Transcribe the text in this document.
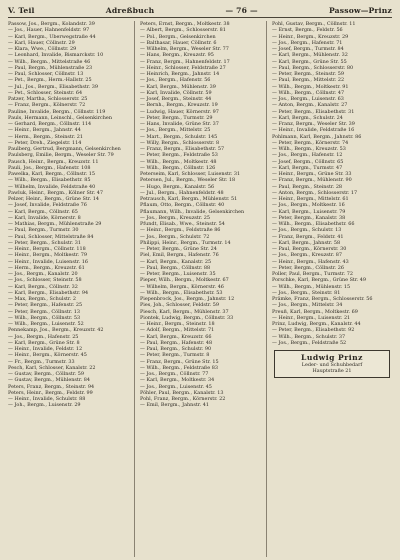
V. Teil	Adreßbuch	— 76 —	Passow—Prinz

Passow, Jos., Bergm., Kolandstr. 39

— Jos., Hauer, Hahnenfeldstr. 97

— Karl, Bergm., Überwegstraße 44

— Karl, Hauer, Cöllnstr. 29

— Klara, Wwe., Cöllnstr. 29

— Leonhard, Invalide, Bismarckstr. 10

— Wilh., Bergm., Mittelstraße 46

— Paul, Bergm., Mühlenstraße 23

— Paul, Schlosser, Cöllnstr. 13

— Pet., Bergm., Herm.-Hallstr. 25

— Jul., Jos., Bergm., Elisabethstr. 39

— Pet., Schlosser, Steinstr. 64

Patzer, Martha, Schlosserstr. 25

— Franz, Bergm., Kölnerstr. 72

Pauline, Invalide, Bergm., Cöllnstr. 119

Pauls, Hermann, Leinschl., Gelsenkirchen

— Gerhard, Bergm., Cöllnstr. 114

— Heinr., Bergm., Jahnstr. 44

— Herm., Bergm., Steinstr. 21

— Peter, Dreh., Ziegelstr. 114

Paulberg, Gertrud, Bergmann, Gelsenkirchen

Paulsberg, Emilie, Bergm., Weseler Str. 79

Pausch, Heinr., Bergm., Kreuzstr. 11

Pauli, Jos., Bergm., Hafenstr. 108

Pawelka, Karl, Bergm., Cöllnstr. 15

— Wilh., Bergm., Elisabethstr. 85

— Wilhelm, Invalide, Feldstraße 40

Pawluk, Heinr., Bergm., Kölner Str. 47

Pelzer, Heinr., Bergm., Grüne Str. 14

— Josef, Invalide, Feldstraße 76

— Karl, Bergm., Cöllnstr. 65

— Karl, Invalide, Körnerstr. 8

— Mathias, Bergm., Mühlenstraße 29

— Paul, Bergm., Turmstr. 30

— Paul, Schlosser, Mittelstraße 84

— Peter, Bergm., Schulstr. 31

— Heinr., Bergm., Cöllnstr. 118

— Heinr., Bergm., Moltkestr. 79

— Heinr., Invalide, Luisenstr. 16

— Herm., Bergm., Kreuzstr. 61

— Jos., Bergm., Kanalstr. 20

— Jos., Schlosser, Steinstr. 58

— Karl, Bergm., Cöllnstr. 32

— Karl, Bergm., Elisabethstr. 94

— Max, Bergm., Schulstr. 2

— Peter, Bergm., Hafenstr. 25

— Peter, Bergm., Cöllnstr. 13

— Wilh., Bergm., Cöllnstr. 53

— Wilh., Bergm., Luisenstr. 52

Pennekamp, Jos., Bergm., Kreuzstr. 42

— Jos., Bergm., Hafenstr. 25

— Karl, Bergm., Grüne Str. 8

— Heinr., Invalide, Feldstr. 12

— Heinr., Bergm., Körnerstr. 45

— Fr., Bergm., Turmstr. 33

Pesch, Karl, Schlosser, Kanalstr. 22

— Gustav, Bergm., Cöllnstr. 59

— Gustav, Bergm., Mühlenstr. 84

Peters, Franz, Bergm., Steinstr. 94

Peters, Heinr., Bergm., Feldstr. 99

— Heinr., Invalide, Schulstr. 88

— Joh., Bergm., Luisenstr. 29

Peters, Ernst, Bergm., Moltkestr. 38

— Albert, Bergm., Schlosserstr. 81

— Pol., Bergm., Gelsenkirchen

— Balthasar, Hauer, Cöllnstr. 6

— Wilhelm, Bergm., Weseler Str. 77

— Hans, Bergm., Kreuzstr. 95

— Franz, Bergm., Hahnenfeldstr. 17

— Heinr., Schlosser, Feldstraße 27

— Heinrich, Bergm., Jahnstr. 14

— Jos., Bergm., Hafenstr. 56

— Karl, Bergm., Mühlenstr. 39

— Karl, Invalide, Cöllnstr. 59

— Josef, Bergm., Steinstr. 44

— Bernh., Bergm., Kreuzstr. 19

— Ludwig, Hauer, Körnerstr. 97

— Peter, Bergm., Turmstr. 29

— Hans, Invalide, Grüne Str. 37

— Jos., Bergm., Mittelstr. 25

— Mart., Bergm., Schulstr. 145

— Willy, Bergm., Schlosserstr. 8

— Franz, Bergm., Elisabethstr. 57

— Peter, Bergm., Feldstraße 53

— Wilh., Bergm., Moltkestr. 48

— Wilh., Bergm., Cöllnstr. 126

Peterseim, Karl, Schlosser, Luisenstr. 31

Petersen, Jul., Bergm., Weseler Str. 18

— Hugo, Bergm., Kanalstr. 56

— Jul., Bergm., Hahnenfeldstr. 48

Petrausch, Karl, Bergm., Mühlenstr. 51

Pflaum, Otto, Bergm., Cöllnstr. 40

Pflaumann, Wilh., Invalide, Gelsenkirchen

— Jos., Bergm., Kreuzstr. 25

Pfundt, Elisab., Wwe., Steinstr. 54

— Heinr., Bergm., Feldstraße 86

— Jos., Bergm., Schulstr. 72

Philippi, Heinr., Bergm., Turmstr. 14

— Peter, Bergm., Grüne Str. 24

Piel, Emil, Bergm., Hafenstr. 76

— Karl, Bergm., Kanalstr. 25

— Paul, Bergm., Cöllnstr. 88

— Peter, Bergm., Luisenstr. 35

Pieper, Wilh., Bergm., Moltkestr. 67

— Wilhelm, Bergm., Körnerstr. 46

— Wilh., Bergm., Elisabethstr. 53

Piepenbrock, Jos., Bergm., Jahnstr. 12

Pies, Joh., Schlosser, Feldstr. 59

Piesch, Karl, Bergm., Mühlenstr. 37

Piontek, Ludwig, Bergm., Cöllnstr. 33

— Heinr., Bergm., Steinstr. 18

— Adolf, Bergm., Mittelstr. 71

— Karl, Bergm., Kreuzstr. 66

— Paul, Bergm., Hafenstr. 48

— Paul, Bergm., Schulstr. 90

— Peter, Bergm., Turmstr. 8

— Franz, Bergm., Grüne Str. 15

— Wilh., Bergm., Feldstraße 83

— Jos., Bergm., Cöllnstr. 77

— Karl, Bergm., Moltkestr. 34

— Jos., Bergm., Luisenstr. 45

Pöhler, Paul, Bergm., Kanalstr. 13

Pohl, Franz, Bergm., Körnerstr. 22

— Emil, Bergm., Jahnstr. 41

Pohl, Gustav, Bergm., Cöllnstr. 11

— Ernst, Bergm., Feldstr. 56

— Heinr., Bergm., Kreuzstr. 29

— Jos., Bergm., Hafenstr. 71

— Josef, Bergm., Turmstr. 84

— Karl, Bergm., Mühlenstr. 32

— Karl, Bergm., Grüne Str. 55

— Paul, Bergm., Schlosserstr. 80

— Peter, Bergm., Steinstr. 59

— Paul, Bergm., Mittelstr. 22

— Wilh., Bergm., Moltkestr. 91

— Wilh., Bergm., Cöllnstr. 47

— Jos., Bergm., Luisenstr. 63

— Anton, Bergm., Kanalstr. 27

— Peter, Bergm., Elisabethstr. 31

— Karl, Bergm., Schulstr. 24

— Franz, Bergm., Weseler Str. 39

— Heinr., Invalide, Feldstraße 16

Pohlmann, Karl, Bergm., Jahnstr. 86

— Peter, Bergm., Körnerstr. 74

— Wilh., Bergm., Kreuzstr. 53

— Jos., Bergm., Hafenstr. 12

— Josef, Bergm., Cöllnstr. 65

— Karl, Bergm., Turmstr. 47

— Heinr., Bergm., Grüne Str. 33

— Franz, Bergm., Mühlenstr. 90

— Paul, Bergm., Steinstr. 28

— Anton, Bergm., Schlosserstr. 17

— Heinr., Bergm., Mittelstr. 61

— Jos., Bergm., Moltkestr. 16

— Karl, Bergm., Luisenstr. 79

— Peter, Bergm., Kanalstr. 38

— Wilh., Bergm., Elisabethstr. 66

— Jos., Bergm., Schulstr. 13

— Franz, Bergm., Feldstr. 41

— Karl, Bergm., Jahnstr. 58

— Paul, Bergm., Körnerstr. 30

— Jos., Bergm., Kreuzstr. 87

— Heinr., Bergm., Hafenstr. 43

— Peter, Bergm., Cöllnstr. 26

Poller, Paul, Bergm., Turmstr. 72

Porschke, Karl, Bergm., Grüne Str. 49

— Wilh., Bergm., Mühlenstr. 15

— Jos., Bergm., Steinstr. 81

Prämke, Franz, Bergm., Schlosserstr. 56

— Jos., Bergm., Mittelstr. 34

Preuß, Karl, Bergm., Moltkestr. 69

— Heinr., Bergm., Luisenstr. 21

Prinz, Ludwig, Bergm., Kanalstr. 44

— Peter, Bergm., Elisabethstr. 92

— Wilh., Bergm., Schulstr. 37

— Jos., Bergm., Feldstraße 52

Ludwig Prinz
Leder- und Schuhbedarf
Hauptstraße 21
